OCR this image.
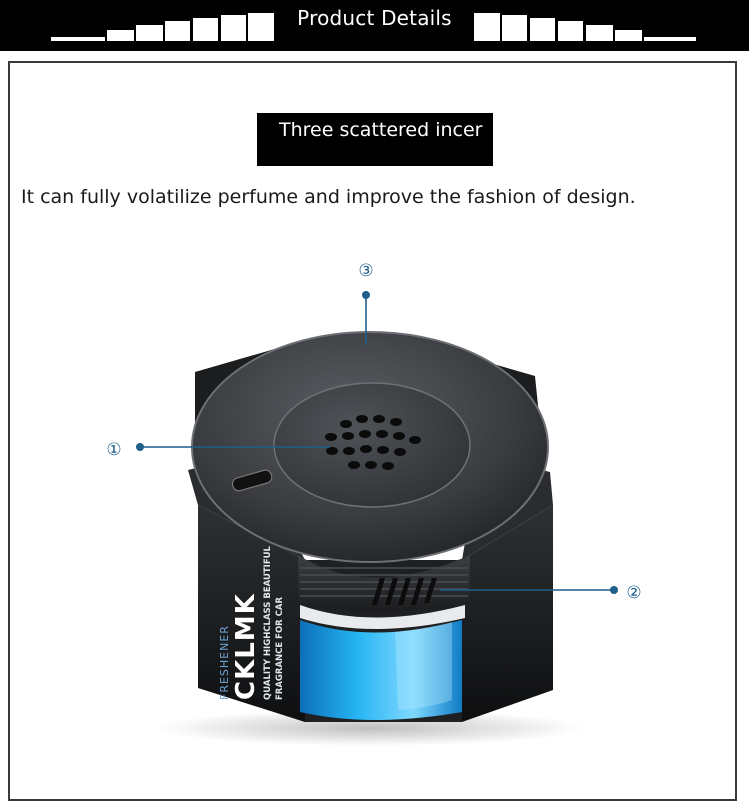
Product Details
FRESHENER CKLMK QUALITY HIGHCLASS BEAUTIFUL FRAGRANCE FOR CAR
③
①
②
Three scattered incer
It can fully volatilize perfume and improve the fashion of design.
